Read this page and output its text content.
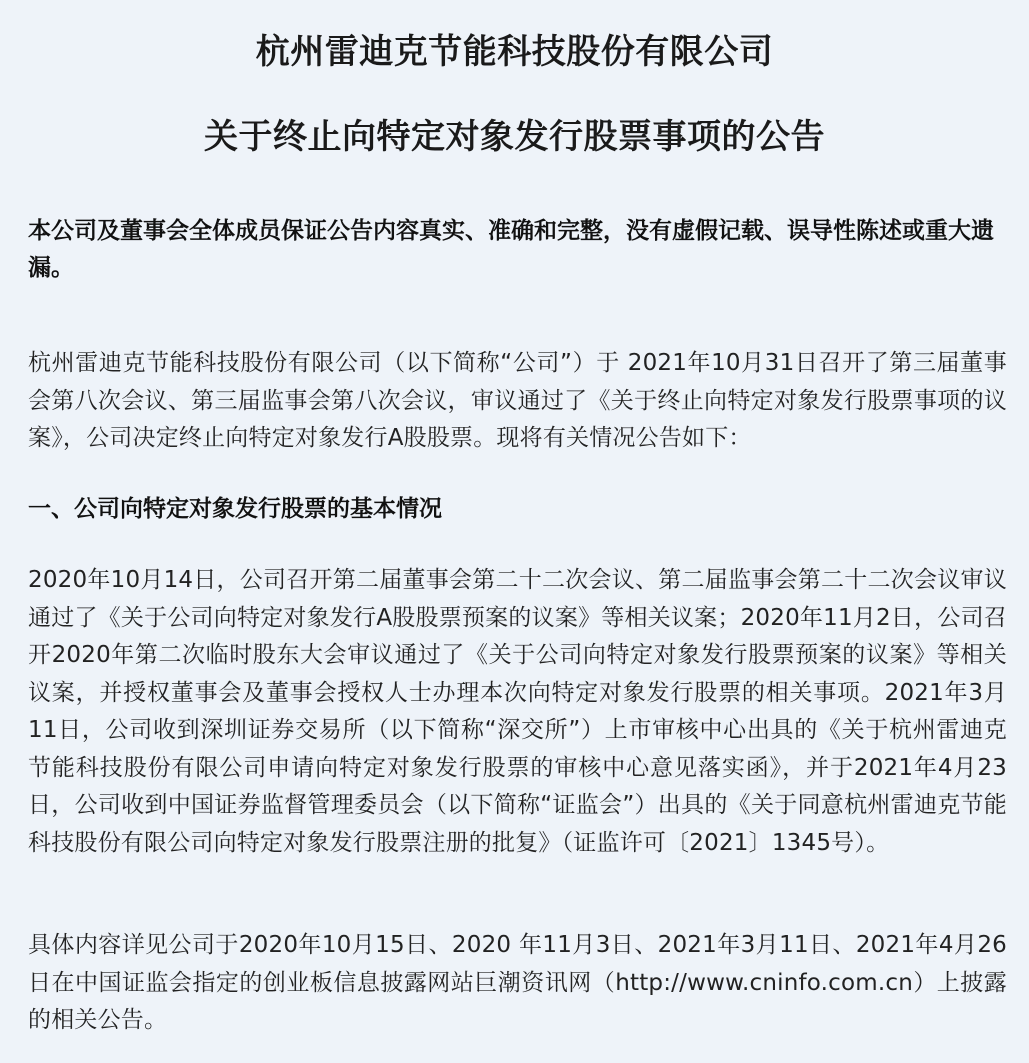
杭州雷迪克节能科技股份有限公司
关于终止向特定对象发行股票事项的公告

本公司及董事会全体成员保证公告内容真实、准确和完整，没有虚假记载、误导性陈述或重大遗漏。

杭州雷迪克节能科技股份有限公司（以下简称“公司”）于 2021年10月31日召开了第三届董事会第八次会议、第三届监事会第八次会议，审议通过了《关于终止向特定对象发行股票事项的议案》，公司决定终止向特定对象发行A股股票。现将有关情况公告如下：

一、公司向特定对象发行股票的基本情况

2020年10月14日，公司召开第二届董事会第二十二次会议、第二届监事会第二十二次会议审议通过了《关于公司向特定对象发行A股股票预案的议案》等相关议案；2020年11月2日，公司召开2020年第二次临时股东大会审议通过了《关于公司向特定对象发行股票预案的议案》等相关议案，并授权董事会及董事会授权人士办理本次向特定对象发行股票的相关事项。2021年3月11日，公司收到深圳证券交易所（以下简称“深交所”）上市审核中心出具的《关于杭州雷迪克节能科技股份有限公司申请向特定对象发行股票的审核中心意见落实函》，并于2021年4月23日，公司收到中国证券监督管理委员会（以下简称“证监会”）出具的《关于同意杭州雷迪克节能科技股份有限公司向特定对象发行股票注册的批复》（证监许可〔2021〕1345号）。

具体内容详见公司于2020年10月15日、2020 年11月3日、2021年3月11日、2021年4月26日在中国证监会指定的创业板信息披露网站巨潮资讯网（http://www.cninfo.com.cn）上披露的相关公告。
